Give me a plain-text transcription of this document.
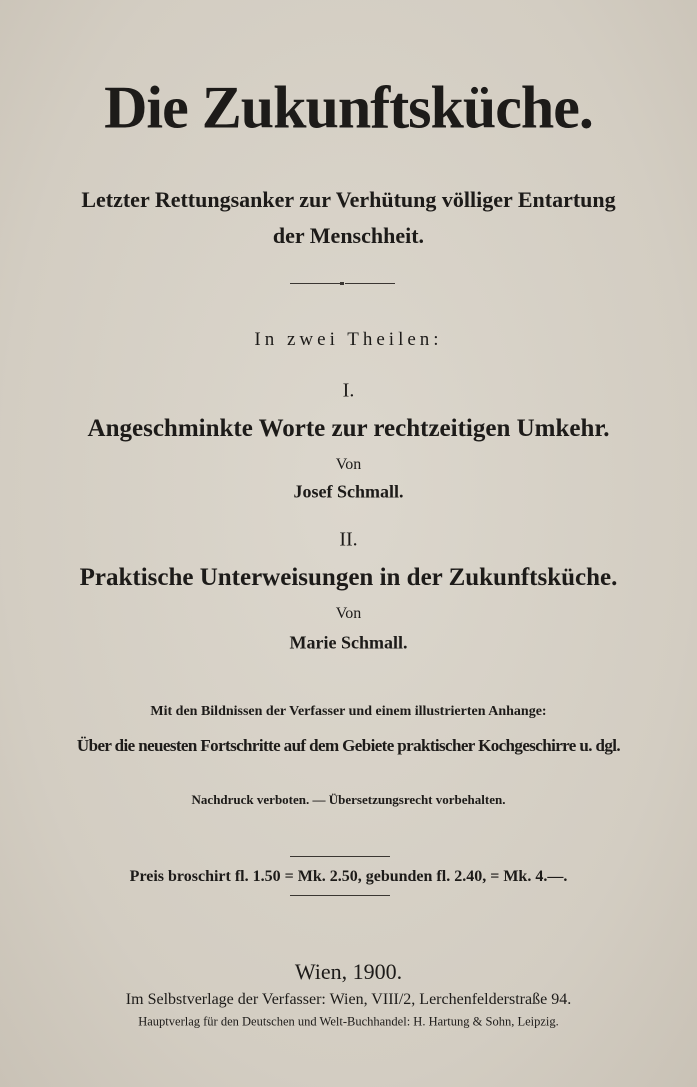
Die Zukunftsküche.
Letzter Rettungsanker zur Verhütung völliger Entartung
der Menschheit.
In zwei Theilen:
I.
Angeschminkte Worte zur rechtzeitigen Umkehr.
Von
Josef Schmall.
II.
Praktische Unterweisungen in der Zukunftsküche.
Von
Marie Schmall.
Mit den Bildnissen der Verfasser und einem illustrierten Anhange:
Über die neuesten Fortschritte auf dem Gebiete praktischer Kochgeschirre u. dgl.
Nachdruck verboten. — Übersetzungsrecht vorbehalten.
Preis broschirt fl. 1.50 = Mk. 2.50, gebunden fl. 2.40, = Mk. 4.—.
Wien, 1900.
Im Selbstverlage der Verfasser: Wien, VIII/2, Lerchenfelderstraße 94.
Hauptverlag für den Deutschen und Welt-Buchhandel: H. Hartung & Sohn, Leipzig.
